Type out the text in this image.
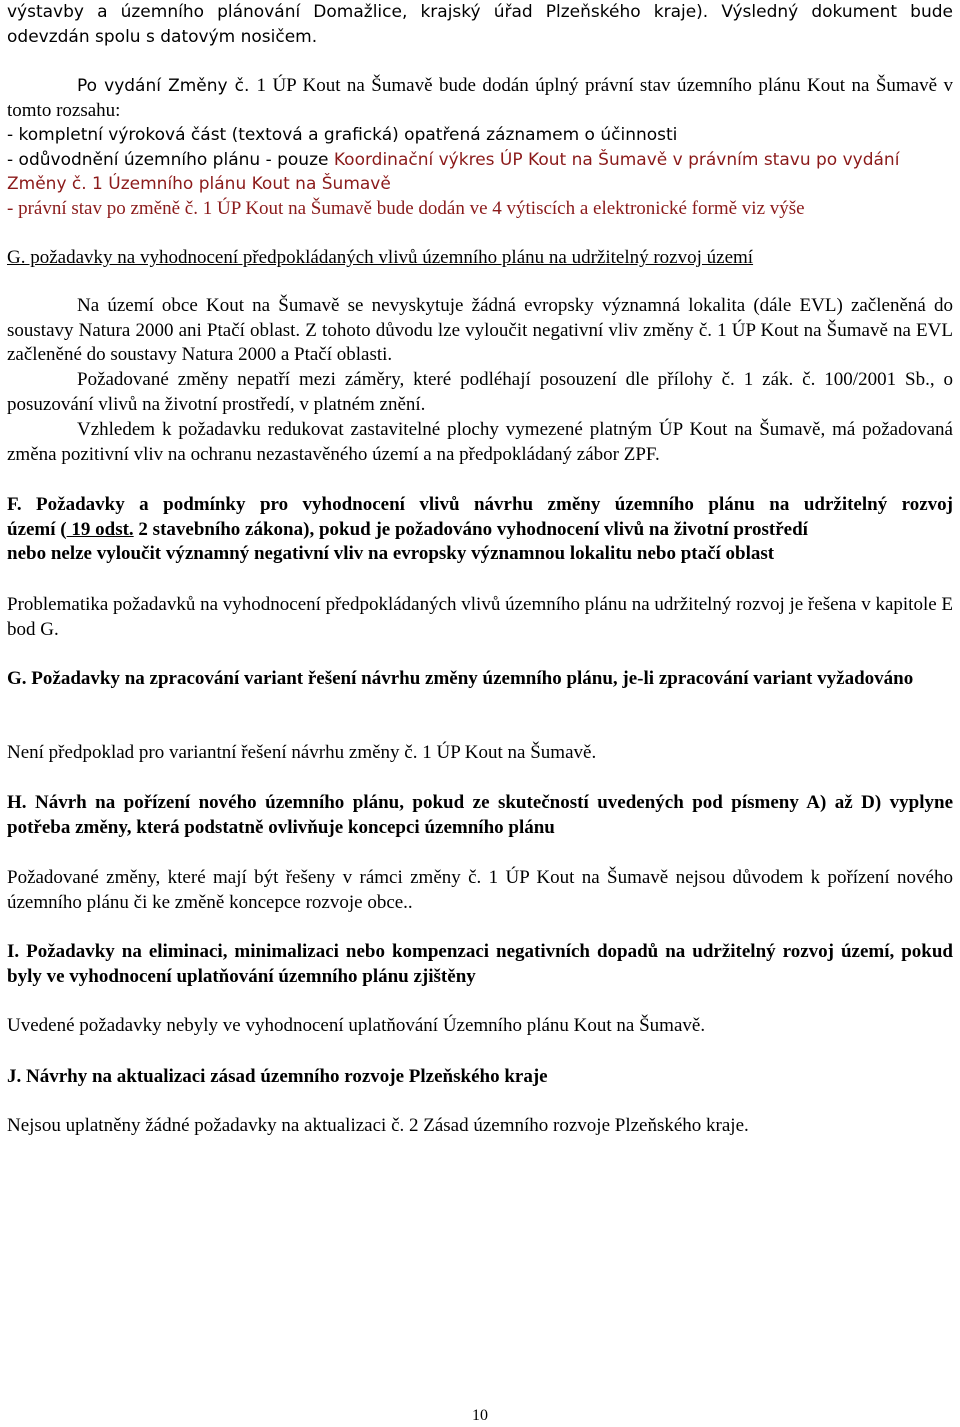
výstavby a územního plánování Domažlice, krajský úřad Plzeňského kraje). Výsledný dokument bude odevzdán spolu s datovým nosičem.

Po vydání Změny č. 1 ÚP Kout na Šumavě bude dodán úplný právní stav územního plánu Kout na Šumavě v tomto rozsahu:

- kompletní výroková část (textová a grafická) opatřená záznamem o účinnosti

- odůvodnění územního plánu - pouze Koordinační výkres ÚP Kout na Šumavě v právním stavu po vydání Změny č. 1 Územního plánu Kout na Šumavě

- právní stav po změně č. 1 ÚP Kout na Šumavě bude dodán ve 4 výtiscích a elektronické formě viz výše

G. požadavky na vyhodnocení předpokládaných vlivů územního plánu na udržitelný rozvoj území

Na území obce Kout na Šumavě se nevyskytuje žádná evropsky významná lokalita (dále EVL) začleněná do soustavy Natura 2000 ani Ptačí oblast. Z tohoto důvodu lze vyloučit negativní vliv změny č. 1 ÚP Kout na Šumavě na EVL začleněné do soustavy Natura 2000 a Ptačí oblasti.

Požadované změny nepatří mezi záměry, které podléhají posouzení dle přílohy č. 1 zák. č. 100/2001 Sb., o posuzování vlivů na životní prostředí, v platném znění.

Vzhledem k požadavku redukovat zastavitelné plochy vymezené platným ÚP Kout na Šumavě, má požadovaná změna pozitivní vliv na ochranu nezastavěného území a na předpokládaný zábor ZPF.

F. Požadavky a podmínky pro vyhodnocení vlivů návrhu změny územního plánu na udržitelný rozvoj
území ( 19 odst. 2 stavebního zákona), pokud je požadováno vyhodnocení vlivů na životní prostředí
nebo nelze vyloučit významný negativní vliv na evropsky významnou lokalitu nebo ptačí oblast

Problematika požadavků na vyhodnocení předpokládaných vlivů územního plánu na udržitelný rozvoj je řešena v kapitole E bod G.

G. Požadavky na zpracování variant řešení návrhu změny územního plánu, je-li zpracování variant vyžadováno

Není předpoklad pro variantní řešení návrhu změny č. 1 ÚP Kout na Šumavě.

H. Návrh na pořízení nového územního plánu, pokud ze skutečností uvedených pod písmeny A) až D) vyplyne potřeba změny, která podstatně ovlivňuje koncepci územního plánu

Požadované změny, které mají být řešeny v rámci změny č. 1 ÚP Kout na Šumavě nejsou důvodem k pořízení nového územního plánu či ke změně koncepce rozvoje obce..

I. Požadavky na eliminaci, minimalizaci nebo kompenzaci negativních dopadů na udržitelný rozvoj území, pokud byly ve vyhodnocení uplatňování územního plánu zjištěny

Uvedené požadavky nebyly ve vyhodnocení uplatňování Územního plánu Kout na Šumavě.

J. Návrhy na aktualizaci zásad územního rozvoje Plzeňského kraje

Nejsou uplatněny žádné požadavky na aktualizaci č. 2 Zásad územního rozvoje Plzeňského kraje.

10
